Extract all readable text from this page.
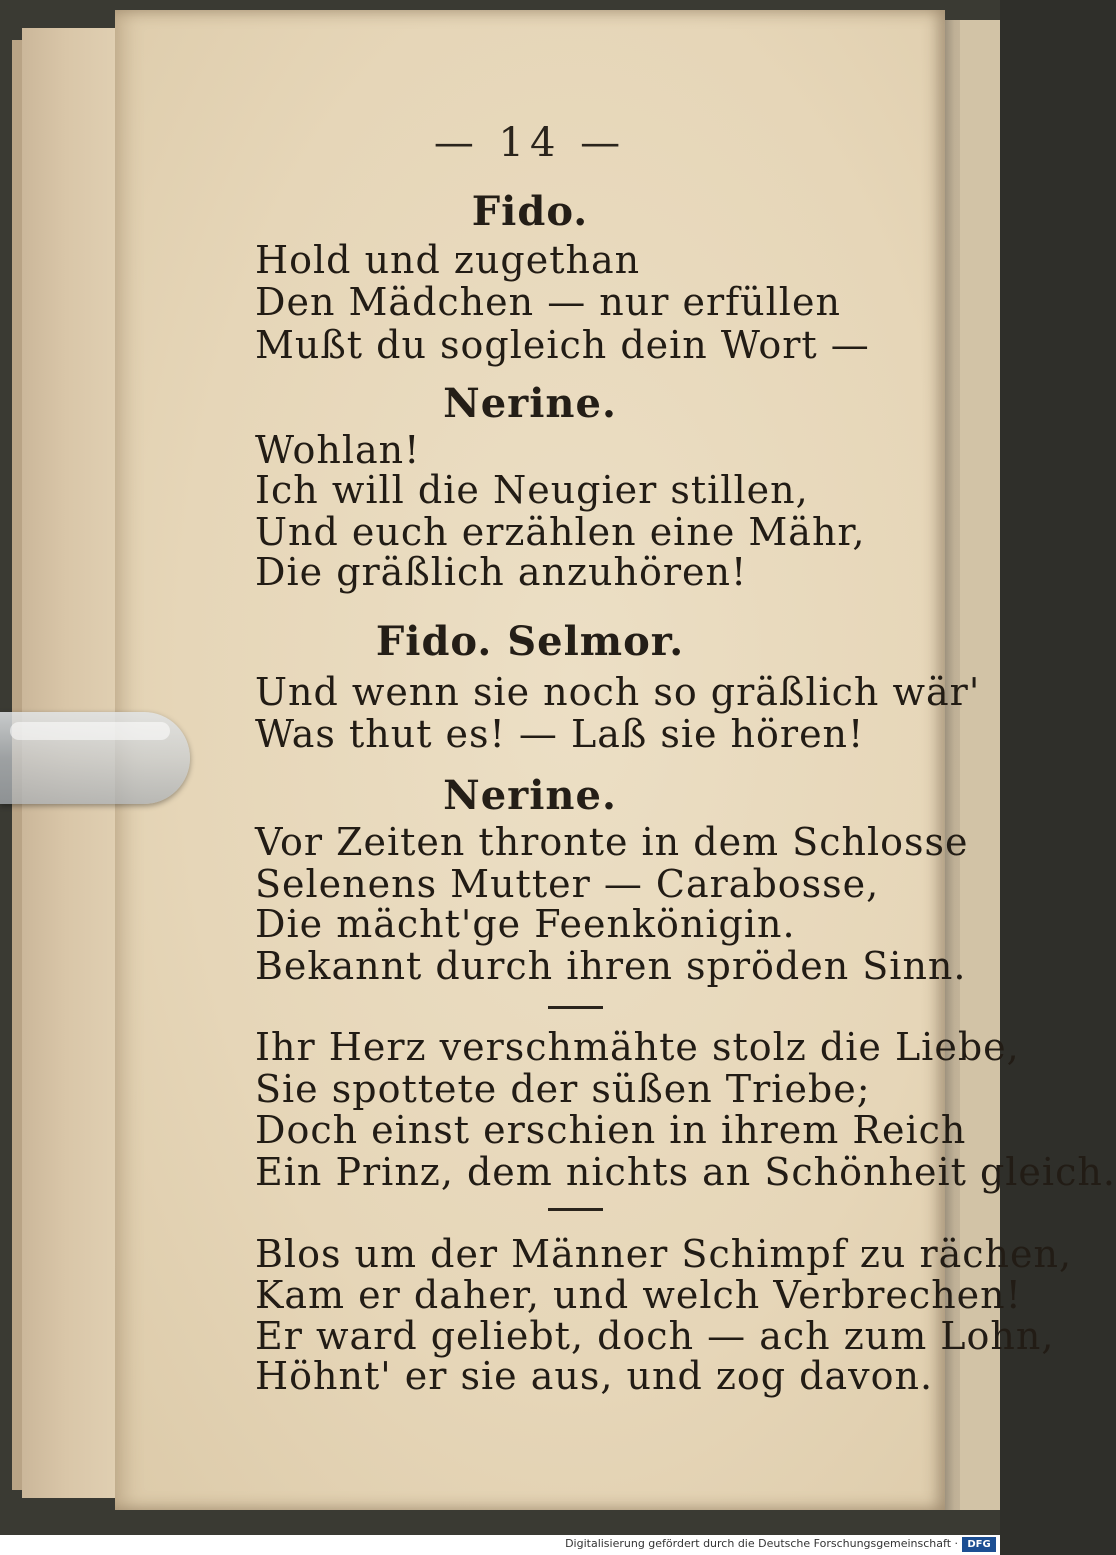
— 14 —
Fido.
Hold und zugethan
Den Mädchen — nur erfüllen
Mußt du sogleich dein Wort —
Nerine.
Wohlan!
Ich will die Neugier stillen,
Und euch erzählen eine Mähr,
Die gräßlich anzuhören!
Fido. Selmor.
Und wenn sie noch so gräßlich wär'
Was thut es! — Laß sie hören!
Nerine.
Vor Zeiten thronte in dem Schlosse
Selenens Mutter — Carabosse,
Die mächt'ge Feenkönigin.
Bekannt durch ihren spröden Sinn.
Ihr Herz verschmähte stolz die Liebe,
Sie spottete der süßen Triebe;
Doch einst erschien in ihrem Reich
Ein Prinz, dem nichts an Schönheit gleich.
Blos um der Männer Schimpf zu rächen,
Kam er daher, und welch Verbrechen!
Er ward geliebt, doch — ach zum Lohn,
Höhnt' er sie aus, und zog davon.
Digitalisierung gefördert durch die Deutsche Forschungsgemeinschaft · DFG
